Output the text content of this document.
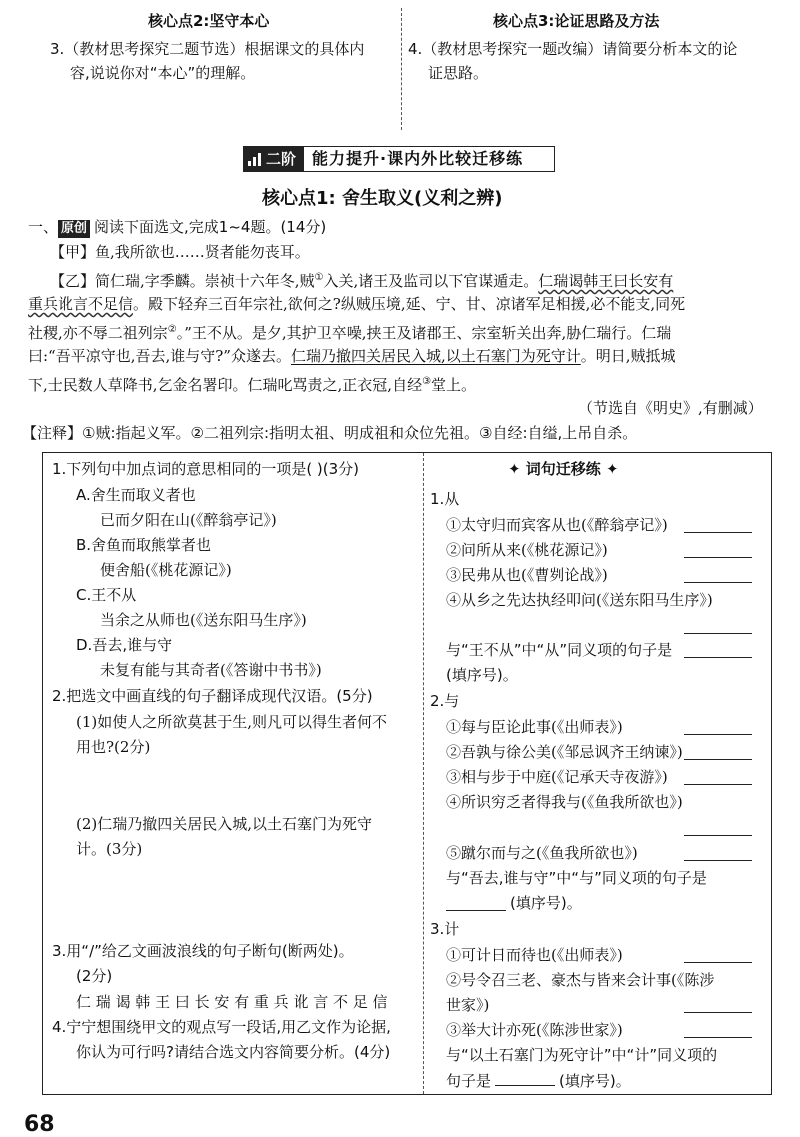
核心点2:坚守本心	核心点3:论证思路及方法
3.（教材思考探究二题节选）根据课文的具体内
容,说说你对“本心”的理解。
4.（教材思考探究一题改编）请简要分析本文的论
证思路。
二阶 能力提升·课内外比较迁移练
核心点1: 舍生取义(义利之辨)
一、 原创 阅读下面选文,完成1~4题。(14分)
【甲】鱼,我所欲也……贤者能勿丧耳。
【乙】简仁瑞,字季麟。崇祯十六年冬,贼①入关,诸王及监司以下官谋遁走。仁瑞谒韩王曰长安有
重兵讹言不足信。殿下轻弃三百年宗社,欲何之?纵贼压境,延、宁、甘、凉诸军足相援,必不能支,同死
社稷,亦不辱二祖列宗②。”王不从。是夕,其护卫卒噪,挟王及诸郡王、宗室斩关出奔,胁仁瑞行。仁瑞
曰:“吾平凉守也,吾去,谁与守?”众遂去。仁瑞乃撤四关居民入城,以土石塞门为死守计。明日,贼抵城
下,士民数人草降书,乞金名署印。仁瑞叱骂责之,正衣冠,自经③堂上。
（节选自《明史》,有删减）
【注释】①贼:指起义军。②二祖列宗:指明太祖、明成祖和众位先祖。③自经:自缢,上吊自杀。
1.下列句中加点词的意思相同的一项是( )(3分)
A.舍生而取义者也
已而夕阳在山(《醉翁亭记》)
B.舍鱼而取熊掌者也
便舍船(《桃花源记》)
C.王不从
当余之从师也(《送东阳马生序》)
D.吾去,谁与守
未复有能与其奇者(《答谢中书书》)
2.把选文中画直线的句子翻译成现代汉语。(5分)
(1)如使人之所欲莫甚于生,则凡可以得生者何不
用也?(2分)
(2)仁瑞乃撤四关居民入城,以土石塞门为死守
计。(3分)
3.用“/”给乙文画波浪线的句子断句(断两处)。
(2分)
仁 瑞 谒 韩 王 曰 长 安 有 重 兵 讹 言 不 足 信
4.宁宁想围绕甲文的观点写一段话,用乙文作为论据,
你认为可行吗?请结合选文内容简要分析。(4分)
✦ 词句迁移练 ✦
1.从
①太守归而宾客从也(《醉翁亭记》)
②问所从来(《桃花源记》)
③民弗从也(《曹刿论战》)
④从乡之先达执经叩问(《送东阳马生序》)
与“王不从”中“从”同义项的句子是
(填序号)。
2.与
①每与臣论此事(《出师表》)
②吾孰与徐公美(《邹忌讽齐王纳谏》)
③相与步于中庭(《记承天寺夜游》)
④所识穷乏者得我与(《鱼我所欲也》)
⑤蹴尔而与之(《鱼我所欲也》)
与“吾去,谁与守”中“与”同义项的句子是
(填序号)。
3.计
①可计日而待也(《出师表》)
②号令召三老、豪杰与皆来会计事(《陈涉
世家》)
③举大计亦死(《陈涉世家》)
与“以土石塞门为死守计”中“计”同义项的
句子是	(填序号)。
68
